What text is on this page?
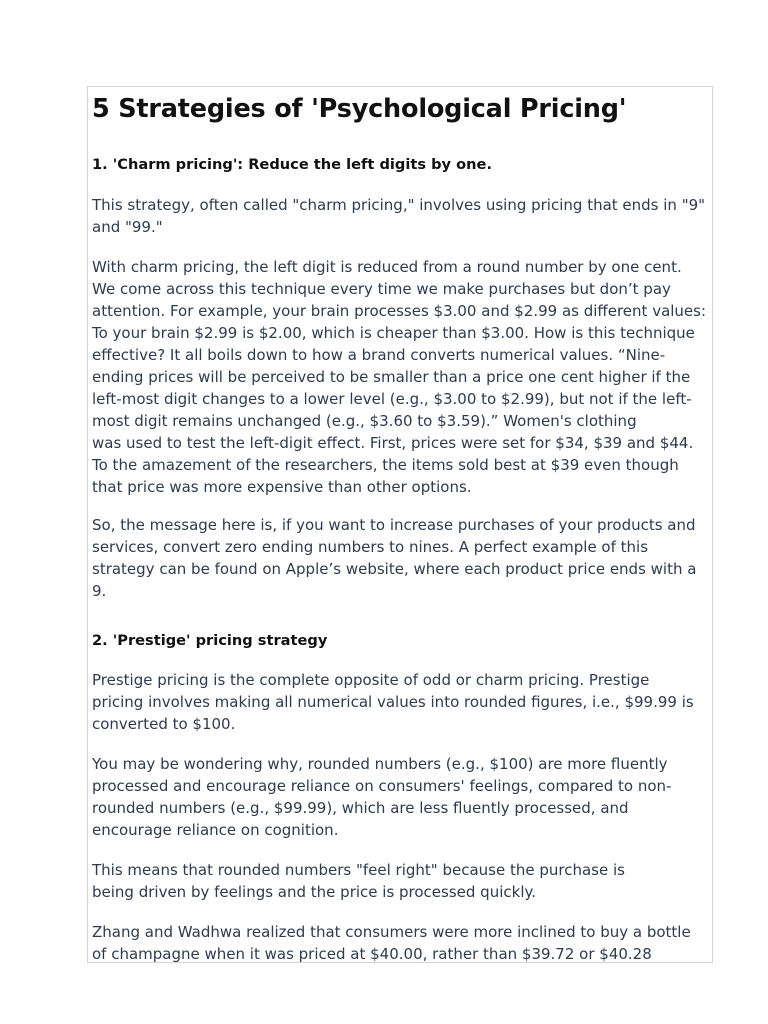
5 Strategies of 'Psychological Pricing'
1. 'Charm pricing': Reduce the left digits by one.

This strategy, often called "charm pricing," involves using pricing that ends in "9"
and "99."

With charm pricing, the left digit is reduced from a round number by one cent.
We come across this technique every time we make purchases but don’t pay
attention. For example, your brain processes $3.00 and $2.99 as different values:
To your brain $2.99 is $2.00, which is cheaper than $3.00. How is this technique
effective? It all boils down to how a brand converts numerical values. “Nine-
ending prices will be perceived to be smaller than a price one cent higher if the
left-most digit changes to a lower level (e.g., $3.00 to $2.99), but not if the left-
most digit remains unchanged (e.g., $3.60 to $3.59).” Women's clothing
was used to test the left-digit effect. First, prices were set for $34, $39 and $44.
To the amazement of the researchers, the items sold best at $39 even though
that price was more expensive than other options.

So, the message here is, if you want to increase purchases of your products and
services, convert zero ending numbers to nines. A perfect example of this
strategy can be found on Apple’s website, where each product price ends with a
9.

2. 'Prestige' pricing strategy

Prestige pricing is the complete opposite of odd or charm pricing. Prestige
pricing involves making all numerical values into rounded figures, i.e., $99.99 is
converted to $100.

You may be wondering why, rounded numbers (e.g., $100) are more fluently
processed and encourage reliance on consumers' feelings, compared to non-
rounded numbers (e.g., $99.99), which are less fluently processed, and
encourage reliance on cognition.

This means that rounded numbers "feel right" because the purchase is
being driven by feelings and the price is processed quickly.

Zhang and Wadhwa realized that consumers were more inclined to buy a bottle
of champagne when it was priced at $40.00, rather than $39.72 or $40.28
